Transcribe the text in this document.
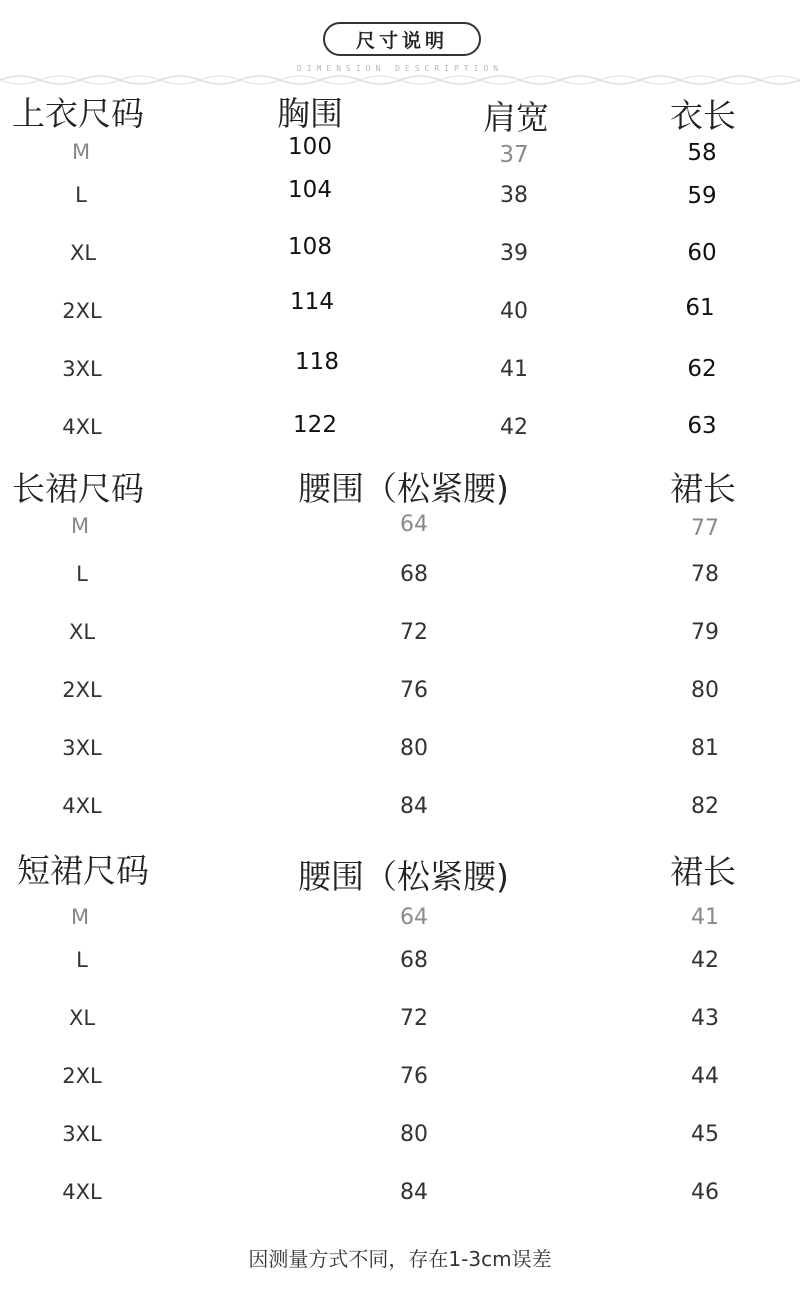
尺寸说明
DIMENSION DESCRIPTION
上衣尺码	胸围	肩宽	衣长
M	100	37	58
L	104	38	59
XL	108	39	60
2XL	114	40	61
3XL	118	41	62
4XL	122	42	63
长裙尺码	腰围（松紧腰)	裙长
M	64	77
L	68	78
XL	72	79
2XL	76	80
3XL	80	81
4XL	84	82
短裙尺码	腰围（松紧腰)	裙长
M	64	41
L	68	42
XL	72	43
2XL	76	44
3XL	80	45
4XL	84	46
因测量方式不同，存在1-3cm误差
